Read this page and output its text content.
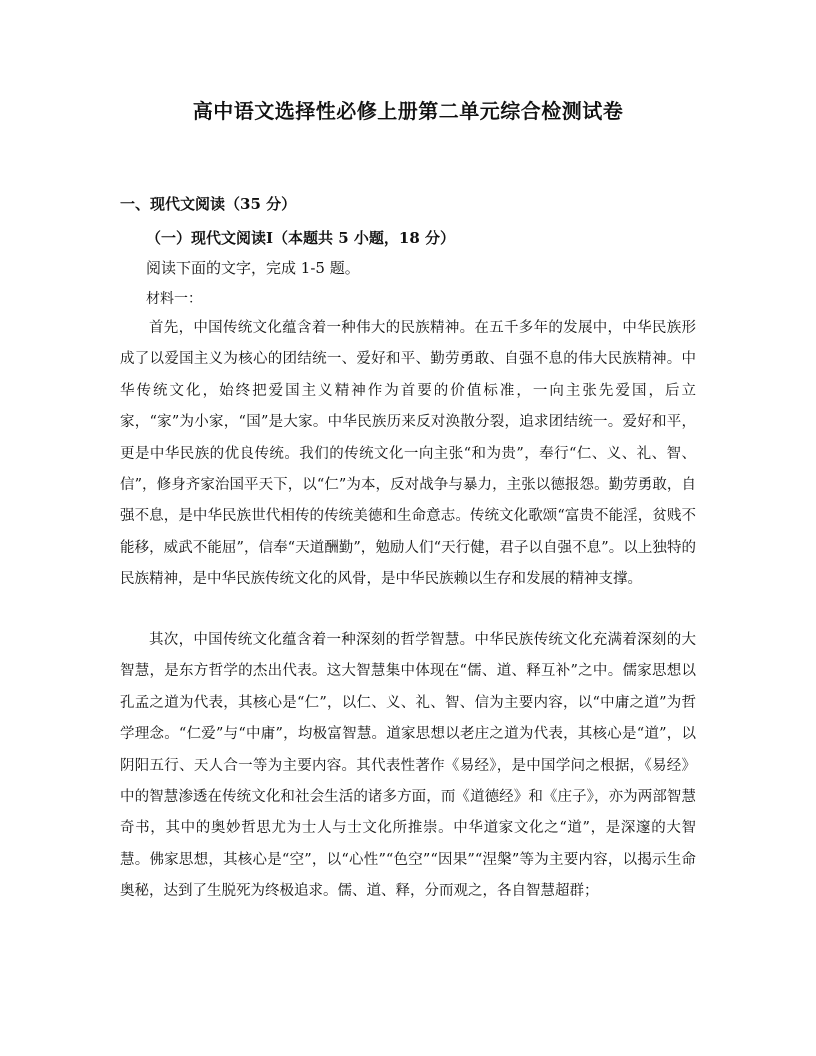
高中语文选择性必修上册第二单元综合检测试卷
一、现代文阅读（35 分）
（一）现代文阅读Ⅰ（本题共 5 小题，18 分）
阅读下面的文字，完成 1-5 题。
材料一：

首先，中国传统文化蕴含着一种伟大的民族精神。在五千多年的发展中，中华民族形成了以爱国主义为核心的团结统一、爱好和平、勤劳勇敢、自强不息的伟大民族精神。中华传统文化，始终把爱国主义精神作为首要的价值标准，一向主张先爱国，后立家，“家”为小家，“国”是大家。中华民族历来反对涣散分裂，追求团结统一。爱好和平，更是中华民族的优良传统。我们的传统文化一向主张“和为贵”，奉行“仁、义、礼、智、信”，修身齐家治国平天下，以“仁”为本，反对战争与暴力，主张以德报怨。勤劳勇敢，自强不息，是中华民族世代相传的传统美德和生命意志。传统文化歌颂“富贵不能淫，贫贱不能移，威武不能屈”，信奉“天道酬勤”，勉励人们“天行健，君子以自强不息”。以上独特的民族精神，是中华民族传统文化的风骨，是中华民族赖以生存和发展的精神支撑。

其次，中国传统文化蕴含着一种深刻的哲学智慧。中华民族传统文化充满着深刻的大智慧，是东方哲学的杰出代表。这大智慧集中体现在“儒、道、释互补”之中。儒家思想以孔孟之道为代表，其核心是“仁”，以仁、义、礼、智、信为主要内容，以“中庸之道”为哲学理念。“仁爱”与“中庸”，均极富智慧。道家思想以老庄之道为代表，其核心是“道”，以阴阳五行、天人合一等为主要内容。其代表性著作《易经》，是中国学问之根据，《易经》中的智慧渗透在传统文化和社会生活的诸多方面，而《道德经》和《庄子》，亦为两部智慧奇书，其中的奥妙哲思尤为士人与士文化所推崇。中华道家文化之“道”，是深邃的大智慧。佛家思想，其核心是“空”，以“心性”“色空”“因果”“涅槃”等为主要内容，以揭示生命奥秘，达到了生脱死为终极追求。儒、道、释，分而观之，各自智慧超群；
